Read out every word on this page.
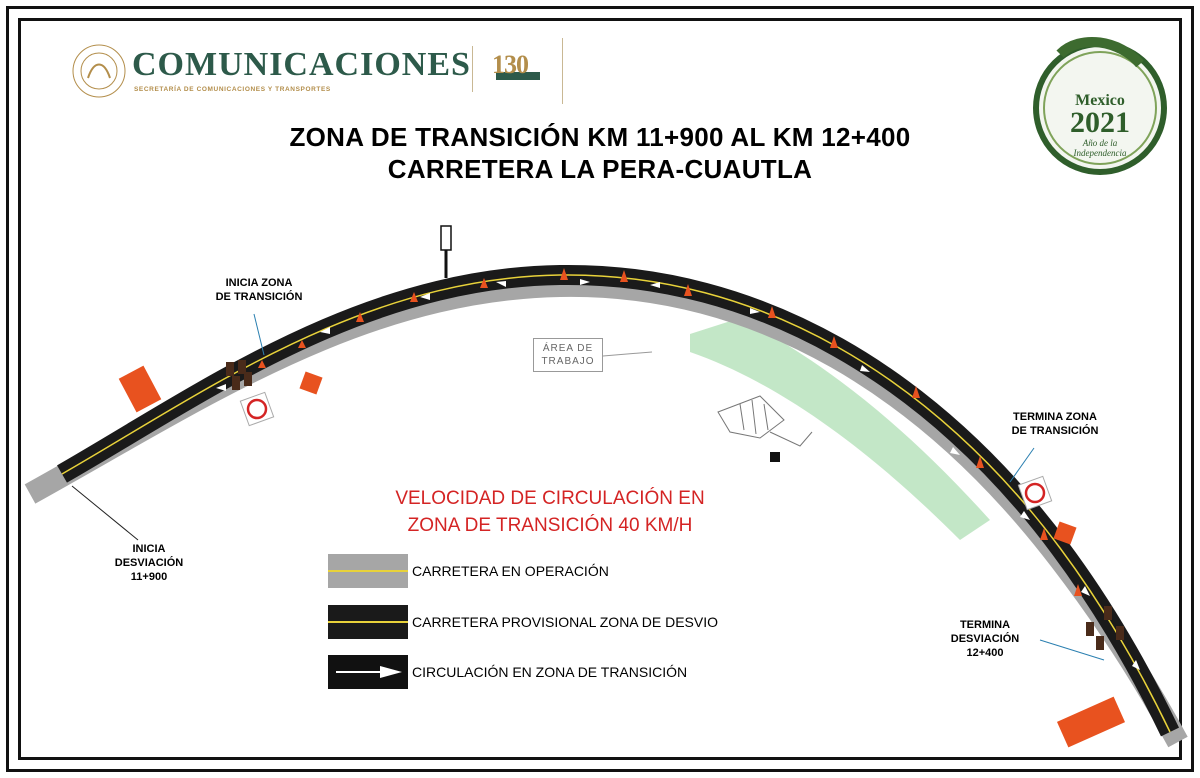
COMUNICACIONES
SECRETARÍA DE COMUNICACIONES Y TRANSPORTES
130
Mexico
2021
Año de la Independencia
ZONA DE TRANSICIÓN KM 11+900 AL KM 12+400
CARRETERA LA PERA-CUAUTLA
INICIA ZONA
DE TRANSICIÓN
INICIA
DESVIACIÓN
11+900
TERMINA ZONA
DE TRANSICIÓN
TERMINA
DESVIACIÓN
12+400
ÁREA DE
TRABAJO
VELOCIDAD DE CIRCULACIÓN EN
ZONA DE TRANSICIÓN 40 KM/H
CARRETERA EN OPERACIÓN
CARRETERA PROVISIONAL ZONA DE DESVIO
CIRCULACIÓN EN ZONA DE TRANSICIÓN
